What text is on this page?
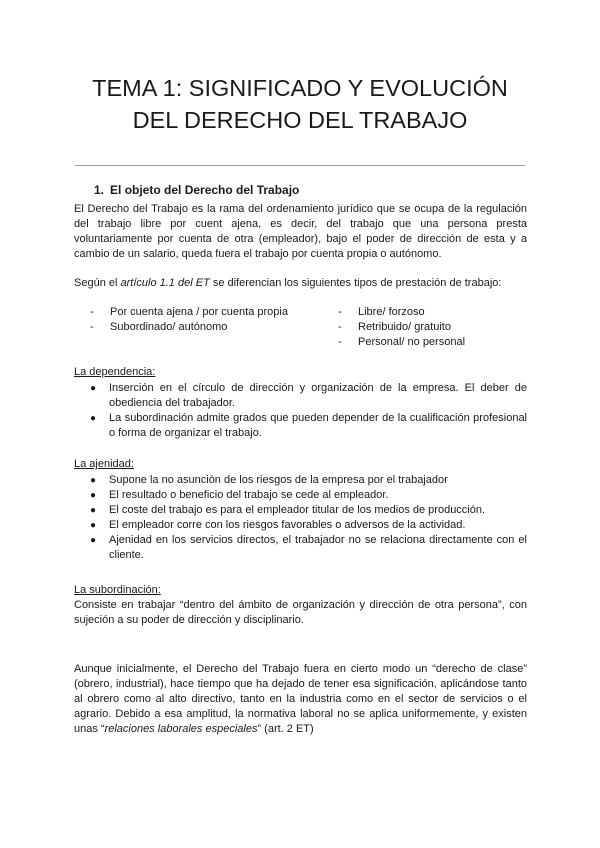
TEMA 1: SIGNIFICADO Y EVOLUCIÓN
DEL DERECHO DEL TRABAJO
1. El objeto del Derecho del Trabajo

El Derecho del Trabajo es la rama del ordenamiento jurídico que se ocupa de la regulación del trabajo libre por cuent ajena, es decir, del trabajo que una persona presta voluntariamente por cuenta de otra (empleador), bajo el poder de dirección de esta y a cambio de un salario, queda fuera el trabajo por cuenta propia o autónomo.

Según el artículo 1.1 del ET se diferencian los siguientes tipos de prestación de trabajo:

- Por cuenta ajena / por cuenta propia
- Subordinado/ autónomo
- Libre/ forzoso
- Retribuido/ gratuito
- Personal/ no personal

La dependencia:

● Inserción en el círculo de dirección y organización de la empresa. El deber de obediencia del trabajador.
● La subordinación admite grados que pueden depender de la cualificación profesional o forma de organizar el trabajo.

La ajenidad:

● Supone la no asunción de los riesgos de la empresa por el trabajador
● El resultado o beneficio del trabajo se cede al empleador.
● El coste del trabajo es para el empleador titular de los medios de producción.
● El empleador corre con los riesgos favorables o adversos de la actividad.
● Ajenidad en los servicios directos, el trabajador no se relaciona directamente con el cliente.

La subordinación:

Consiste en trabajar “dentro del ámbito de organización y dirección de otra persona”, con sujeción a su poder de dirección y disciplinario.

Aunque inicialmente, el Derecho del Trabajo fuera en cierto modo un “derecho de clase” (obrero, industrial), hace tiempo que ha dejado de tener esa significación, aplicándose tanto al obrero como al alto directivo, tanto en la industria como en el sector de servicios o el agrario. Debido a esa amplitud, la normativa laboral no se aplica uniformemente, y existen unas “relaciones laborales especiales” (art. 2 ET)
